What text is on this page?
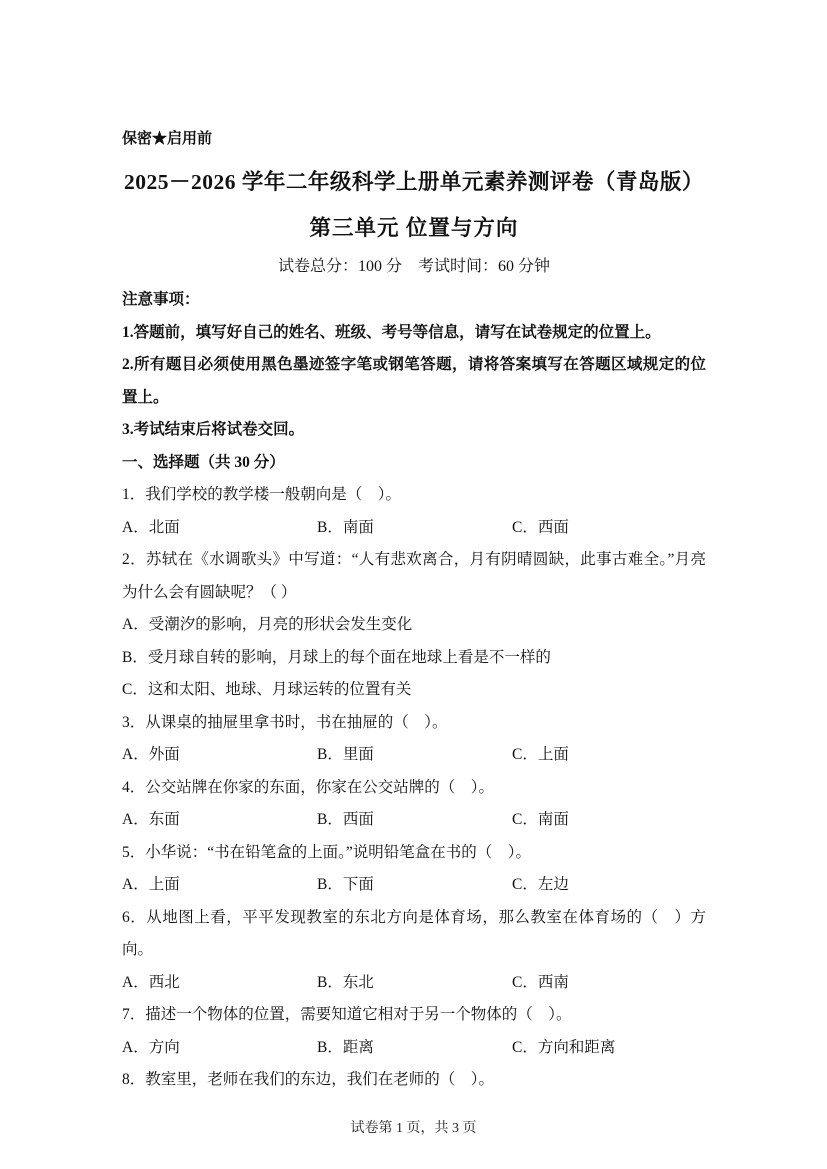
保密★启用前

2025－2026 学年二年级科学上册单元素养测评卷（青岛版）
第三单元 位置与方向

试卷总分：100 分　考试时间：60 分钟

注意事项：

1.答题前，填写好自己的姓名、班级、考号等信息，请写在试卷规定的位置上。

2.所有题目必须使用黑色墨迹签字笔或钢笔答题，请将答案填写在答题区域规定的位置上。

3.考试结束后将试卷交回。

一、选择题（共 30 分）

1．我们学校的教学楼一般朝向是（　）。

A．北面	B．南面	C．西面

2．苏轼在《水调歌头》中写道：“人有悲欢离合，月有阴晴圆缺，此事古难全。”月亮为什么会有圆缺呢？（ ）

A．受潮汐的影响，月亮的形状会发生变化
B．受月球自转的影响，月球上的每个面在地球上看是不一样的
C．这和太阳、地球、月球运转的位置有关

3．从课桌的抽屉里拿书时，书在抽屉的（　）。

A．外面	B．里面	C．上面

4．公交站牌在你家的东面，你家在公交站牌的（　）。

A．东面	B．西面	C．南面

5．小华说：“书在铅笔盒的上面。”说明铅笔盒在书的（　）。

A．上面	B．下面	C．左边

6．从地图上看，平平发现教室的东北方向是体育场，那么教室在体育场的（　）方向。

A．西北	B．东北	C．西南

7．描述一个物体的位置，需要知道它相对于另一个物体的（　）。

A．方向	B．距离	C．方向和距离

8．教室里，老师在我们的东边，我们在老师的（　）。

试卷第 1 页，共 3 页
